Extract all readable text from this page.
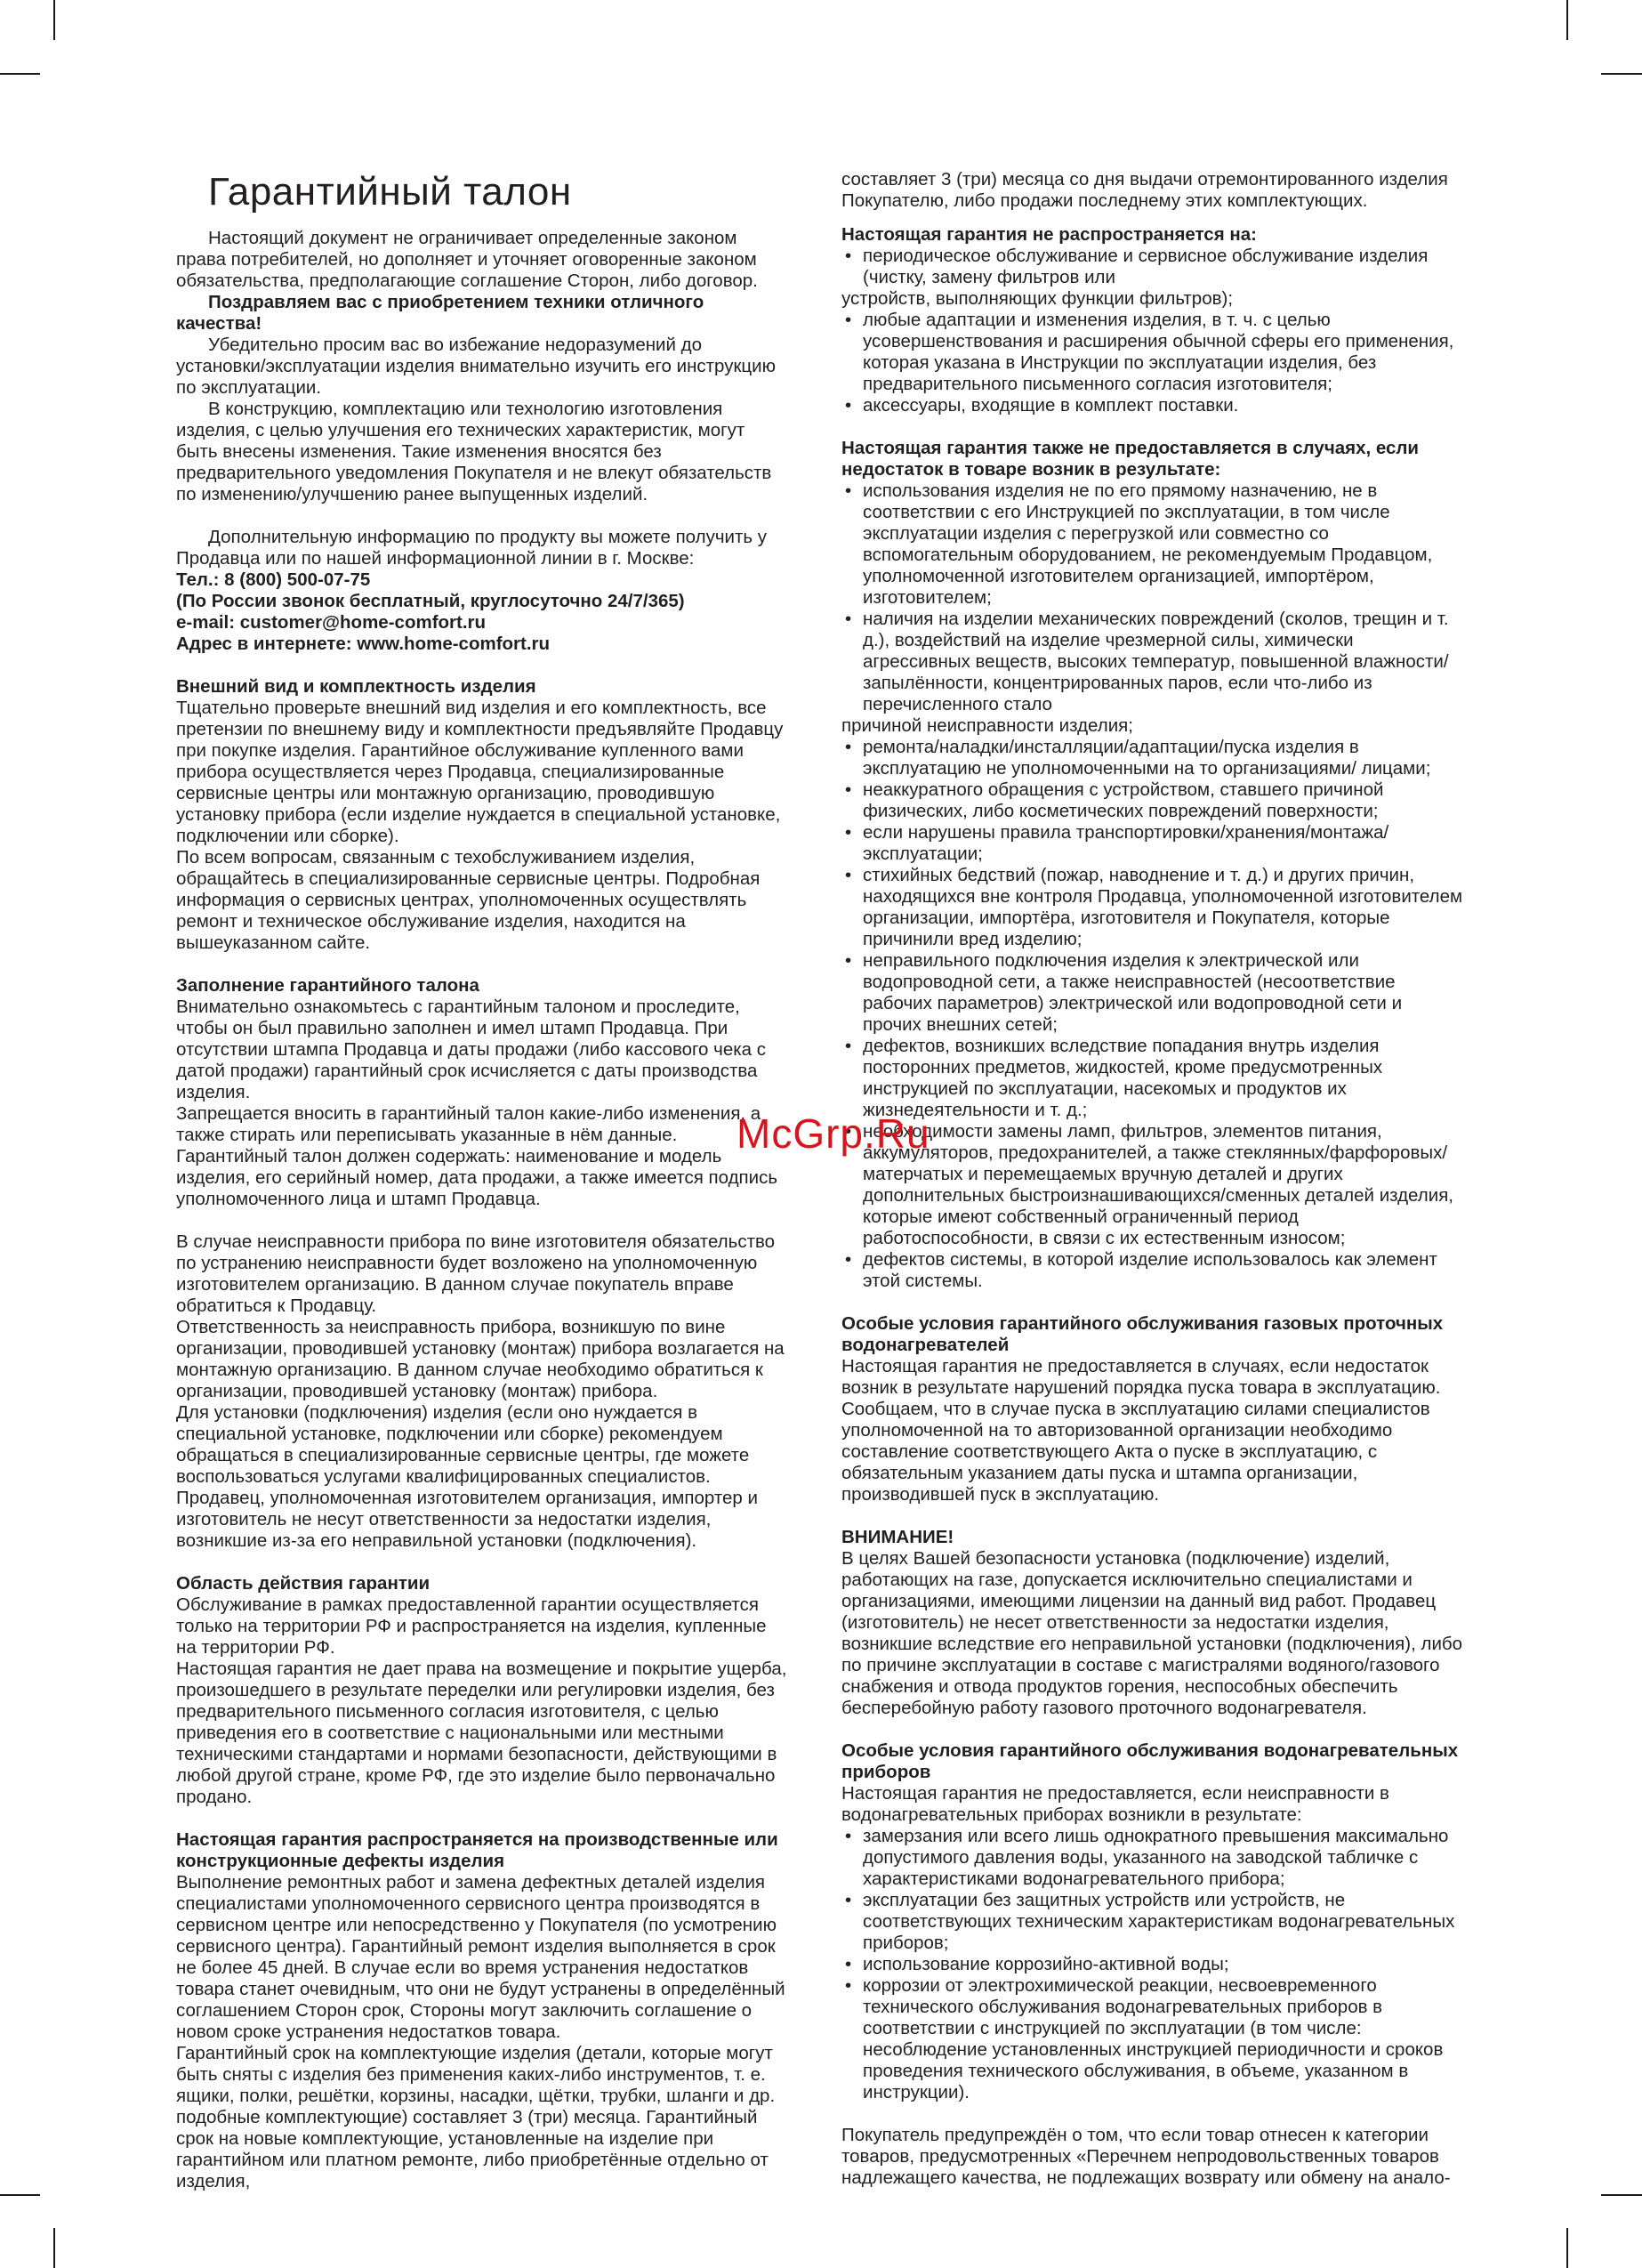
Гарантийный талон

Настоящий документ не ограничивает определенные законом права потребителей, но дополняет и уточняет оговоренные законом обязательства, предполагающие соглашение Сторон, либо договор.

Поздравляем вас с приобретением техники отличного качества!

Убедительно просим вас во избежание недоразумений до установки/эксплуатации изделия внимательно изучить его инструкцию по эксплуатации.

В конструкцию, комплектацию или технологию изготовления изделия, с целью улучшения его технических характеристик, могут быть внесены изменения. Такие изменения вносятся без предварительного уведомления Покупателя и не влекут обязательств по изменению/улучшению ранее выпущенных изделий.

Дополнительную информацию по продукту вы можете получить у Продавца или по нашей информационной линии в г. Москве:

Тел.: 8 (800) 500-07-75

(По России звонок бесплатный, круглосуточно 24/7/365)

e-mail: customer@home-comfort.ru

Адрес в интернете: www.home-comfort.ru

Внешний вид и комплектность изделия

Тщательно проверьте внешний вид изделия и его комплектность, все претензии по внешнему виду и комплектности предъявляйте Продавцу при покупке изделия. Гарантийное обслуживание купленного вами прибора осуществляется через Продавца, специализированные сервисные центры или монтажную организацию, проводившую установку прибора (если изделие нуждается в специальной установке, подключении или сборке).

По всем вопросам, связанным с техобслуживанием изделия, обращайтесь в специализированные сервисные центры. Подробная информация о сервисных центрах, уполномоченных осуществлять ремонт и техническое обслуживание изделия, находится на вышеуказанном сайте.

Заполнение гарантийного талона

Внимательно ознакомьтесь с гарантийным талоном и проследите, чтобы он был правильно заполнен и имел штамп Продавца. При отсутствии штампа Продавца и даты продажи (либо кассового чека с датой продажи) гарантийный срок исчисляется с даты производства изделия.

Запрещается вносить в гарантийный талон какие-либо изменения, а также стирать или переписывать указанные в нём данные. Гарантийный талон должен содержать: наименование и модель изделия, его серийный номер, дата продажи, а также имеется подпись уполномоченного лица и штамп Продавца.

В случае неисправности прибора по вине изготовителя обязательство по устранению неисправности будет возложено на уполномоченную изготовителем организацию. В данном случае покупатель вправе обратиться к Продавцу.

Ответственность за неисправность прибора, возникшую по вине организации, проводившей установку (монтаж) прибора возлагается на монтажную организацию. В данном случае необходимо обратиться к организации, проводившей установку (монтаж) прибора.

Для установки (подключения) изделия (если оно нуждается в специальной установке, подключении или сборке) рекомендуем обращаться в специализированные сервисные центры, где можете воспользоваться услугами квалифицированных специалистов. Продавец, уполномоченная изготовителем организация, импортер и изготовитель не несут ответственности за недостатки изделия, возникшие из-за его неправильной установки (подключения).

Область действия гарантии

Обслуживание в рамках предоставленной гарантии осуществляется только на территории РФ и распространяется на изделия, купленные на территории РФ.

Настоящая гарантия не дает права на возмещение и покрытие ущерба, произошедшего в результате переделки или регулировки изделия, без предварительного письменного согласия изготовителя, с целью приведения его в соответствие с национальными или местными техническими стандартами и нормами безопасности, действующими в любой другой стране, кроме РФ, где это изделие было первоначально продано.

Настоящая гарантия распространяется на производственные или конструкционные дефекты изделия

Выполнение ремонтных работ и замена дефектных деталей изделия специалистами уполномоченного сервисного центра производятся в сервисном центре или непосредственно у Покупателя (по усмотрению сервисного центра). Гарантийный ремонт изделия выполняется в срок не более 45 дней. В случае если во время устранения недостатков товара станет очевидным, что они не будут устранены в определённый соглашением Сторон срок, Стороны могут заключить соглашение о новом сроке устранения недостатков товара.

Гарантийный срок на комплектующие изделия (детали, которые могут быть сняты с изделия без применения каких-либо инструментов, т. е. ящики, полки, решётки, корзины, насадки, щётки, трубки, шланги и др. подобные комплектующие) составляет 3 (три) месяца. Гарантийный срок на новые комплектующие, установленные на изделие при гарантийном или платном ремонте, либо приобретённые отдельно от изделия,

составляет 3 (три) месяца со дня выдачи отремонтированного изделия Покупателю, либо продажи последнему этих комплектующих.

Настоящая гарантия не распространяется на:
• периодическое обслуживание и сервисное обслуживание изделия (чистку, замену фильтров или

устройств, выполняющих функции фильтров);

• любые адаптации и изменения изделия, в т. ч. с целью усовершенствования и расширения обычной сферы его применения, которая указана в Инструкции по эксплуатации изделия, без предварительного письменного согласия изготовителя;
• аксессуары, входящие в комплект поставки.
Настоящая гарантия также не предоставляется в случаях, если недостаток в товаре возник в результате:
• использования изделия не по его прямому назначению, не в соответствии с его Инструкцией по эксплуатации, в том числе эксплуатации изделия с перегрузкой или совместно со вспомогательным оборудованием, не рекомендуемым Продавцом, уполномоченной изготовителем организацией, импортёром, изготовителем;
• наличия на изделии механических повреждений (сколов, трещин и т. д.), воздействий на изделие чрезмерной силы, химически агрессивных веществ, высоких температур, повышенной влажности/запылённости, концентрированных паров, если что-либо из перечисленного стало

причиной неисправности изделия;

• ремонта/наладки/инсталляции/адаптации/пуска изделия в эксплуатацию не уполномоченными на то организациями/ лицами;
• неаккуратного обращения с устройством, ставшего причиной физических, либо косметических повреждений поверхности;
• если нарушены правила транспортировки/хранения/монтажа/эксплуатации;
• стихийных бедствий (пожар, наводнение и т. д.) и других причин, находящихся вне контроля Продавца, уполномоченной изготовителем организации, импортёра, изготовителя и Покупателя, которые причинили вред изделию;
• неправильного подключения изделия к электрической или водопроводной сети, а также неисправностей (несоответствие рабочих параметров) электрической или водопроводной сети и прочих внешних сетей;
• дефектов, возникших вследствие попадания внутрь изделия посторонних предметов, жидкостей, кроме предусмотренных инструкцией по эксплуатации, насекомых и продуктов их жизнедеятельности и т. д.;
• необходимости замены ламп, фильтров, элементов питания, аккумуляторов, предохранителей, а также стеклянных/фарфоровых/матерчатых и перемещаемых вручную деталей и других дополнительных быстроизнашивающихся/сменных деталей изделия, которые имеют собственный ограниченный период работоспособности, в связи с их естественным износом;
• дефектов системы, в которой изделие использовалось как элемент этой системы.
Особые условия гарантийного обслуживания газовых проточных водонагревателей

Настоящая гарантия не предоставляется в случаях, если недостаток возник в результате нарушений порядка пуска товара в эксплуатацию. Сообщаем, что в случае пуска в эксплуатацию силами специалистов уполномоченной на то авторизованной организации необходимо составление соответствующего Акта о пуске в эксплуатацию, с обязательным указанием даты пуска и штампа организации, производившей пуск в эксплуатацию.

ВНИМАНИЕ!

В целях Вашей безопасности установка (подключение) изделий, работающих на газе, допускается исключительно специалистами и организациями, имеющими лицензии на данный вид работ. Продавец (изготовитель) не несет ответственности за недостатки изделия, возникшие вследствие его неправильной установки (подключения), либо по причине эксплуатации в составе с магистралями водяного/газового снабжения и отвода продуктов горения, неспособных обеспечить бесперебойную работу газового проточного водонагревателя.

Особые условия гарантийного обслуживания водонагревательных приборов

Настоящая гарантия не предоставляется, если неисправности в водонагревательных приборах возникли в результате:

• замерзания или всего лишь однократного превышения максимально допустимого давления воды, указанного на заводской табличке с характеристиками водонагревательного прибора;
• эксплуатации без защитных устройств или устройств, не соответствующих техническим характеристикам водонагревательных приборов;
• использование коррозийно-активной воды;
• коррозии от электрохимической реакции, несвоевременного технического обслуживания водонагревательных приборов в соответствии с инструкцией по эксплуатации (в том числе: несоблюдение установленных инструкцией периодичности и сроков проведения технического обслуживания, в объеме, указанном в инструкции).

Покупатель предупреждён о том, что если товар отнесен к категории товаров, предусмотренных «Перечнем непродовольственных товаров надлежащего качества, не подлежащих возврату или обмену на анало-

McGrp.Ru
